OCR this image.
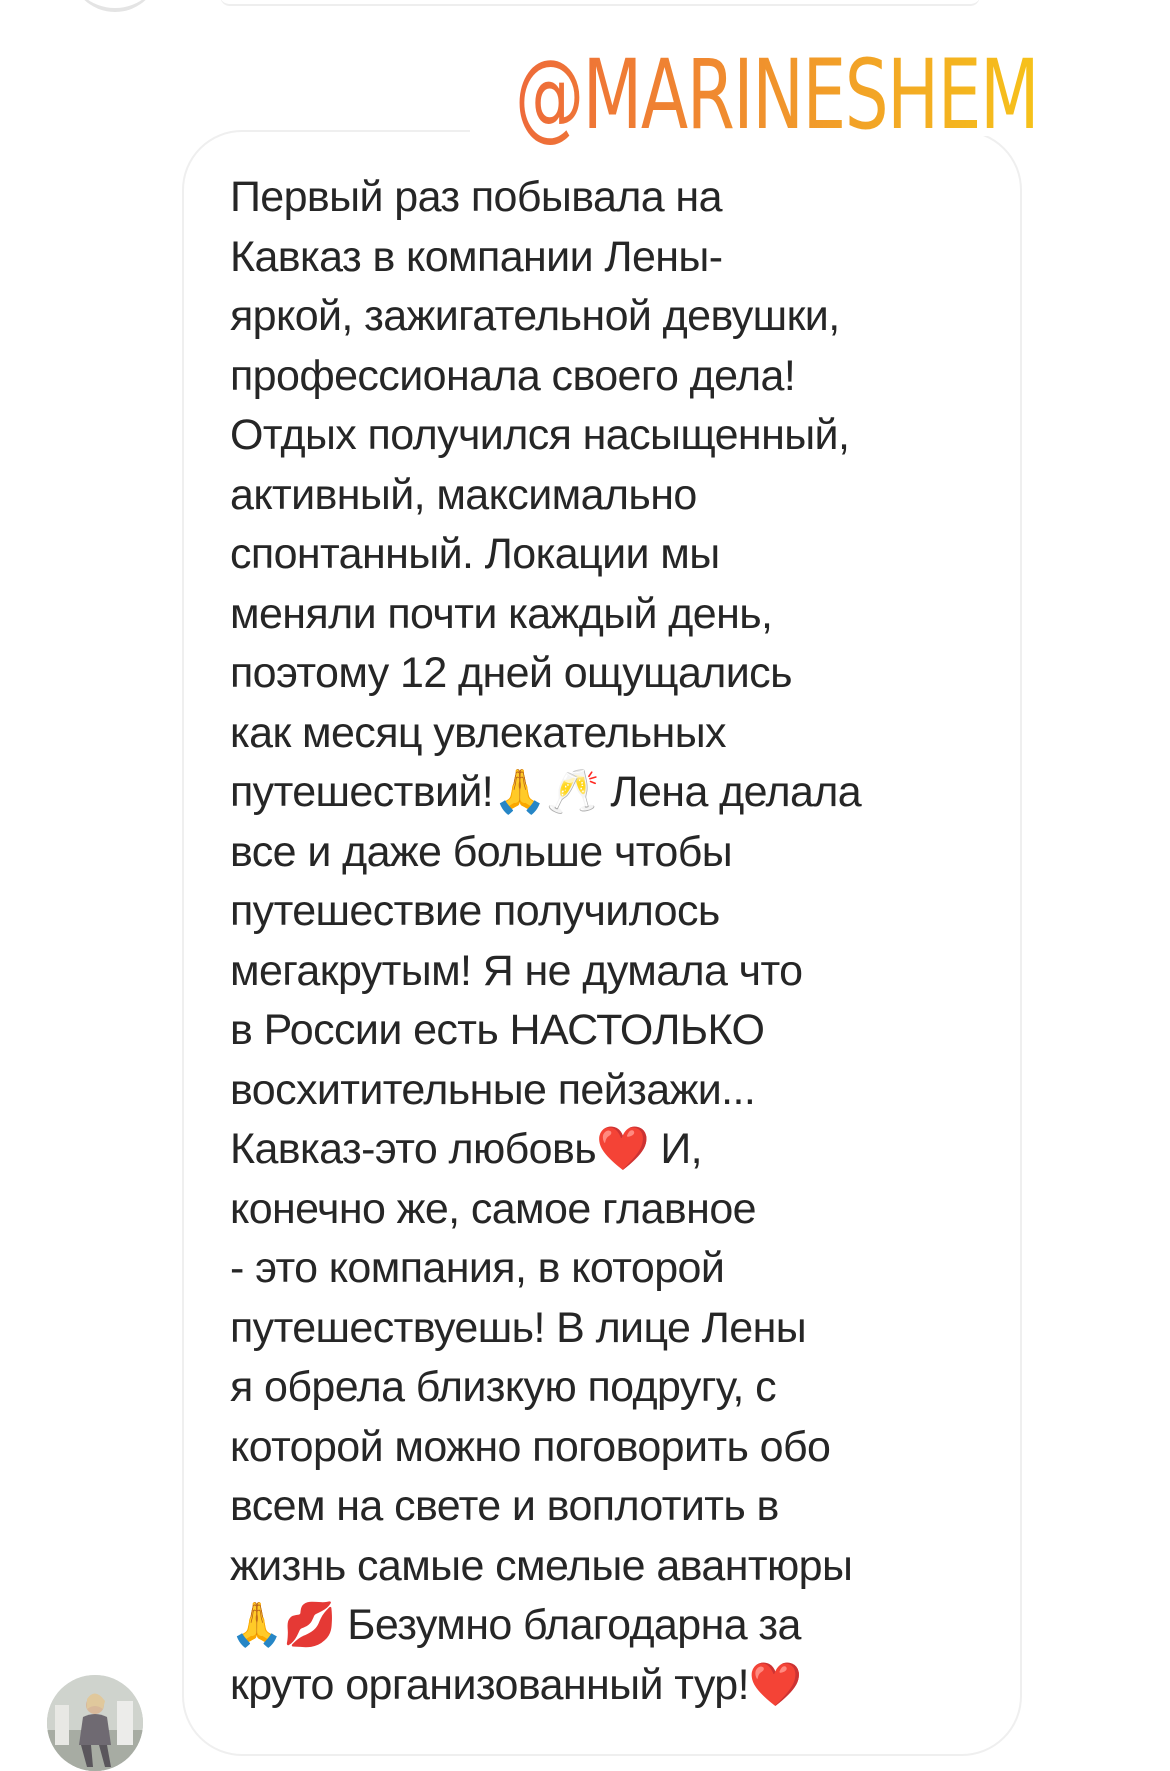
@MARINESHEM

Первый раз побывала на
Кавказ в компании Лены-
яркой, зажигательной девушки,
профессионала своего дела!
Отдых получился насыщенный,
активный, максимально
спонтанный. Локации мы
меняли почти каждый день,
поэтому 12 дней ощущались
как месяц увлекательных
путешествий!🙏🥂 Лена делала
все и даже больше чтобы
путешествие получилось
мегакрутым! Я не думала что
в России есть НАСТОЛЬКО
восхитительные пейзажи...
Кавказ-это любовь❤️ И,
конечно же, самое главное
- это компания, в которой
путешествуешь! В лице Лены
я обрела близкую подругу, с
которой можно поговорить обо
всем на свете и воплотить в
жизнь самые смелые авантюры
🙏💋 Безумно благодарна за
круто организованный тур!❤️
